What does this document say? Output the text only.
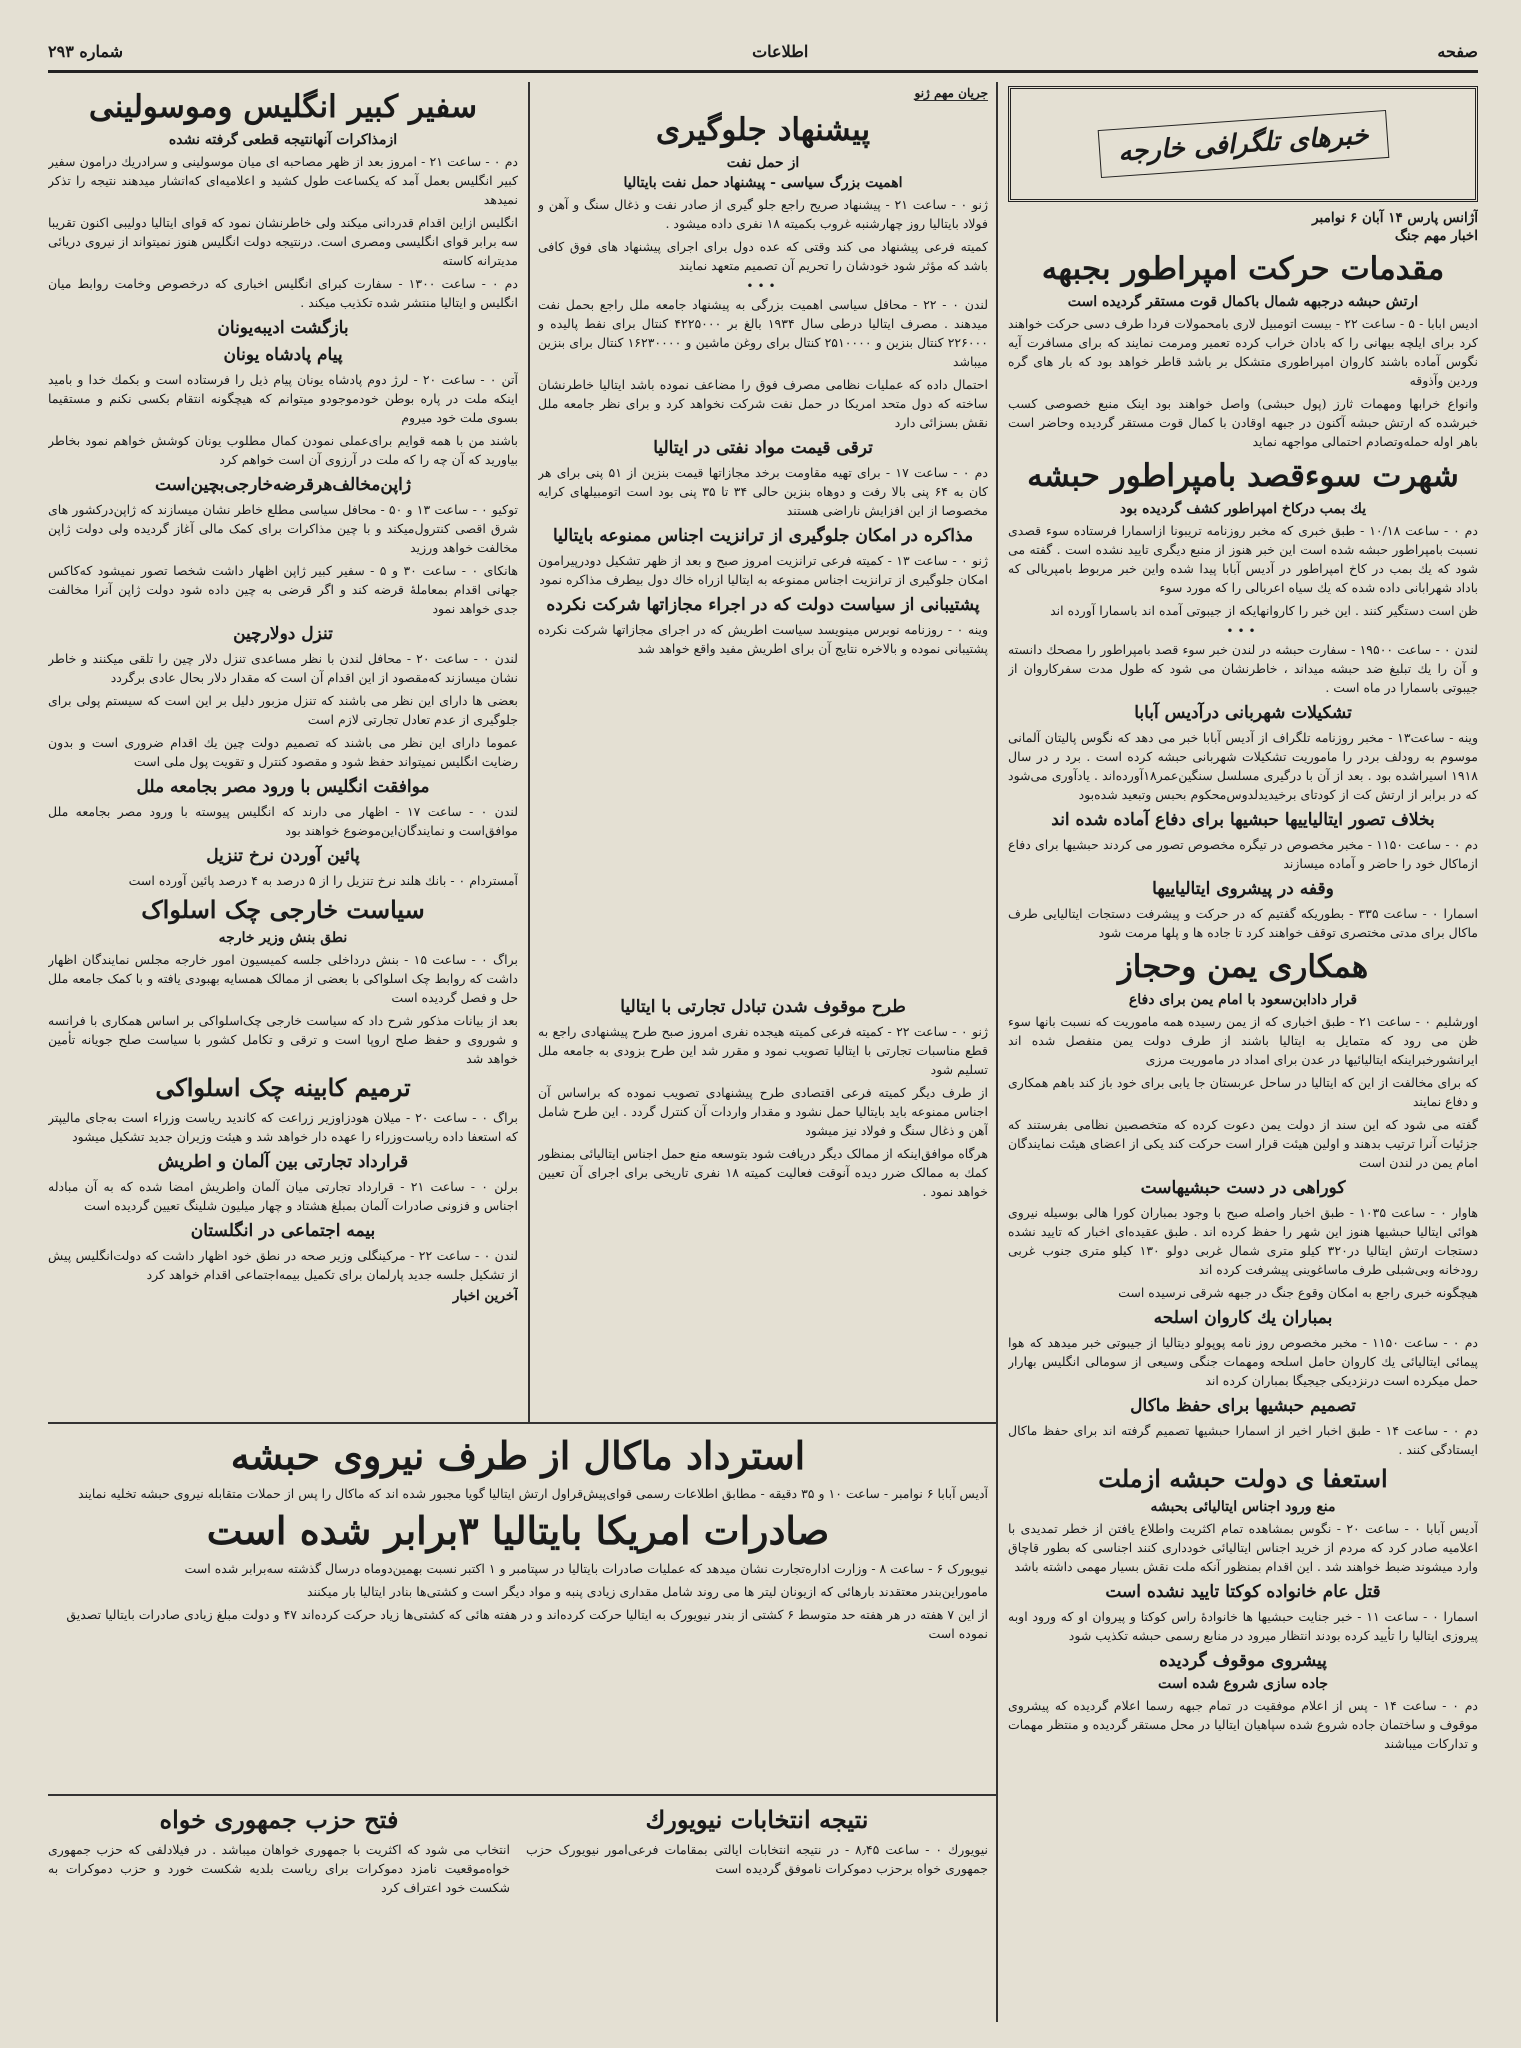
صفحه
اطلاعات
شماره ۲۹۳
خبرهای تلگرافی خارجه
آژانس پارس ۱۴ آبان ۶ نوامبر
اخبار مهم جنگ
مقدمات حرکت امپراطور بجبهه
ارتش حبشه درجبهه شمال باکمال قوت مستقر گردیده است

ادیس ابابا - ۵ - ساعت ۲۲ - بیست اتومبیل لاری بامحمولات فردا طرف دسی حرکت خواهند کرد برای ایلچه بیهانی را که بادان خراب کرده تعمیر ومرمت نمایند که برای مسافرت آیه نگوس آماده باشند کاروان امپراطوری متشکل بر باشد قاطر خواهد بود که بار های گره وردین وآذوقه

وانواع خرابها ومهمات ثارز (پول حبشی) واصل خواهند بود اینک منبع خصوصی کسب خبرشده که ارتش حبشه آکنون در جبهه اوقادن با کمال قوت مستقر گردیده وحاضر است باهر اوله حمله‌وتصادم احتمالی مواجهه نماید

شهرت سوءقصد بامپراطور حبشه
یك بمب درکاخ امپراطور کشف گردیده بود

دم ۰ - ساعت ۱۰/۱۸ - طبق خبری که مخبر روزنامه تریبونا ازاسمارا فرستاده سوء قصدی نسبت بامپراطور حبشه شده است این خبر هنوز از منبع دیگری تایید نشده است . گفته می شود که یك بمب در کاخ امپراطور در آدیس آبابا پیدا شده واین خبر مربوط بامپریالی که باداد شهرابانی داده شده که یك سیاه اعربالی را که مورد سوء

ظن است دستگیر کنند . این خبر را کاروانهایکه از جیبوتی آمده اند باسمارا آورده اند

•••

لندن ۰ - ساعت ۱۹۵۰۰ - سفارت حبشه در لندن خبر سوء قصد بامپراطور را مصحك دانسته و آن را یك تبلیغ ضد حبشه میداند ، خاطرنشان می شود که طول مدت سفرکاروان از جیبوتی باسمارا در ماه است .

تشکیلات شهربانی درآدیس آبابا

وینه - ساعت۱۳ - مخبر روزنامه تلگراف از آدیس آبابا خبر می دهد که نگوس پالیتان آلمانی موسوم به رودلف بردر را ماموریت تشکیلات شهربانی حبشه کرده است . برد ر در سال ۱۹۱۸ اسیراشده بود . بعد از آن با درگیری مسلسل سنگین‌عمر۱۸آورده‌اند . یادآوری می‌شود که در برابر از ارتش کت از کودتای برخیدیدلدوس‌محکوم بحبس وتبعید شده‌بود

بخلاف تصور ایتالیاییها حبشیها برای دفاع آماده شده اند

دم ۰ - ساعت ۱۱۵۰ - مخبر مخصوص در تیگره مخصوص تصور می کردند حبشیها برای دفاع ازماکال خود را حاضر و آماده میسازند

وقفه در پیشروی ایتالیاییها

اسمارا ۰ - ساعت ۳۳۵ - بطوریکه گفتیم که در حرکت و پیشرفت دستجات ایتالیایی طرف ماکال برای مدتی مختصری توقف خواهند کرد تا جاده ها و پلها مرمت شود

همکاری یمن وحجاز
قرار دادابن‌سعود با امام یمن برای دفاع

اورشلیم ۰ - ساعت ۲۱ - طبق اخباری که از یمن رسیده همه ماموریت که نسبت بانها سوء ظن می رود که متمایل به ایتالیا باشند از طرف دولت یمن منفصل شده اند ایرانشورخبراینکه ایتالیائیها در عدن برای امداد در ماموریت مرزی

که برای مخالفت از این که ایتالیا در ساحل عربستان جا یابی برای خود باز کند باهم همکاری و دفاع نمایند

گفته می شود که این سند از دولت یمن دعوت کرده که متخصصین نظامی بفرستند که جزئیات آنرا ترتیب بدهند و اولین هیئت قرار است حرکت کند یکی از اعضای هیئت نمایندگان امام یمن در لندن است

کوراهی در دست حبشیهاست

هاوار ۰ - ساعت ۱۰۳۵ - طبق اخبار واصله صبح با وجود بمباران کورا هالی بوسیله نیروی هوائی ایتالیا حبشیها هنوز این شهر را حفظ کرده اند . طبق عقیده‌ای اخبار که تایید نشده دستجات ارتش ایتالیا در۳۲۰ کیلو متری شمال غربی دولو ۱۳۰ کیلو متری جنوب غربی رودخانه وبی‌شبلی طرف ماساغوینی پیشرفت کرده اند

هیچگونه خبری راجع به امکان وقوع جنگ در جبهه شرقی نرسیده است

بمباران یك کاروان اسلحه

دم ۰ - ساعت ۱۱۵۰ - مخبر مخصوص روز نامه پوپولو دیتالیا از جیبوتی خبر میدهد که هوا پیمائی ایتالیائی یك کاروان حامل اسلحه ومهمات جنگی وسیعی از سومالی انگلیس بهارار حمل میکرده است درنزدیکی جیجیگا بمباران کرده اند

تصمیم حبشیها برای حفظ ماکال

دم ۰ - ساعت ۱۴ - طبق اخبار اخیر از اسمارا حبشیها تصمیم گرفته اند برای حفظ ماکال ایستادگی کنند .

استعفا ی دولت حبشه ازملت
منع ورود اجناس ایتالیائی بحبشه

آدیس آبابا ۰ - ساعت ۲۰ - نگوس بمشاهده تمام اکثریت واطلاع یافتن از خطر تمدیدی با اعلامیه صادر کرد که مردم از خرید اجناس ایتالیائی خودداری کنند اجناسی که بطور قاچاق وارد میشوند ضبط خواهند شد . این اقدام بمنظور آنکه ملت نقش بسیار مهمی داشته باشد

قتل عام خانواده کوکتا تایید نشده است

اسمارا ۰ - ساعت ۱۱ - خبر جنایت حبشیها ها خانوادهٔ راس کوکتا و پیروان او که ورود اوبه پیروزی ایتالیا را تأیید کرده بودند انتظار میرود در منابع رسمی حبشه تکذیب شود

پیشروی موقوف گردیده
جاده سازی شروع شده است

دم ۰ - ساعت ۱۴ - پس از اعلام موفقیت در تمام جبهه رسما اعلام گردیده که پیشروی موقوف و ساختمان جاده شروع شده سپاهیان ایتالیا در محل مستقر گردیده و منتظر مهمات و تدارکات میباشند

جریان مهم ژنو
پیشنهاد جلوگیری
از حمل نفت
اهمیت بزرگ سیاسی - پیشنهاد حمل نفت بایتالیا

ژنو ۰ - ساعت ۲۱ - پیشنهاد صریح راجع جلو گیری از صادر نفت و ذغال سنگ و آهن و فولاد بایتالیا روز چهارشنبه غروب بکمیته ۱۸ نفری داده میشود .

کمیته فرعی پیشنهاد می کند وقتی که عده دول برای اجرای پیشنهاد های فوق کافی باشد که مؤثر شود خودشان را تحریم آن تصمیم متعهد نمایند

•••

لندن ۰ - ۲۲ - محافل سیاسی اهمیت بزرگی به پیشنهاد جامعه ملل راجع بحمل نفت میدهند . مصرف ایتالیا درطی سال ۱۹۳۴ بالغ بر ۴۲۲۵۰۰۰ کنتال برای نفط پالیده و ۲۲۶۰۰۰ کنتال بنزین و ۲۵۱۰۰۰۰ کنتال برای روغن ماشین و ۱۶۲۳۰۰۰۰ کنتال برای بنزین میباشد

احتمال داده که عملیات نظامی مصرف فوق را مضاعف نموده باشد ایتالیا خاطرنشان ساخته که دول متحد امریکا در حمل نفت شرکت نخواهد کرد و برای نظر جامعه ملل نقش بسزائی دارد

ترقی قیمت مواد نفتی در ایتالیا

دم ۰ - ساعت ۱۷ - برای تهیه مقاومت برخد مجازاتها قیمت بنزین از ۵۱ پنی برای هر کان به ۶۴ پنی بالا رفت و دوهاه بنزین حالی ۳۴ تا ۳۵ پنی بود است اتومبیلهای کرایه مخصوصا از این افزایش ناراضی هستند

مذاکره در امکان جلوگیری از ترانزیت اجناس ممنوعه بایتالیا

ژنو ۰ - ساعت ۱۳ - کمیته فرعی ترانزیت امروز صبح و بعد از ظهر تشکیل دودرپیرامون امکان جلوگیری از ترانزیت اجناس ممنوعه به ایتالیا ازراه خاك دول بیطرف مذاکره نمود

پشتیبانی از سیاست دولت که در اجراء مجازاتها شرکت نکرده

وینه ۰ - روزنامه نوبرس مینویسد سیاست اطریش که در اجرای مجازاتها شرکت نکرده پشتیبانی نموده و بالاخره نتایج آن برای اطریش مفید واقع خواهد شد

طرح موقوف شدن تبادل تجارتی با ایتالیا

ژنو ۰ - ساعت ۲۲ - کمیته فرعی کمیته هیجده نفری امروز صبح طرح پیشنهادی راجع به قطع مناسبات تجارتی با ایتالیا تصویب نمود و مقرر شد این طرح بزودی به جامعه ملل تسلیم شود

از طرف دیگر کمیته فرعی اقتصادی طرح پیشنهادی تصویب نموده که براساس آن اجناس ممنوعه باید بایتالیا حمل نشود و مقدار واردات آن کنترل گردد . این طرح شامل آهن و ذغال سنگ و فولاد نیز میشود

هرگاه موافق‌اینکه از ممالک دیگر دریافت شود بتوسعه منع حمل اجناس ایتالیائی بمنظور کمك به ممالک ضرر دیده آنوقت فعالیت کمیته ۱۸ نفری تاریخی برای اجرای آن تعیین خواهد نمود .

سفیر کبیر انگلیس وموسولینی
ازمذاکرات آنهانتیجه قطعی گرفته نشده

دم ۰ - ساعت ۲۱ - امروز بعد از ظهر مصاحبه ای میان موسولینی و سرادریك درامون سفیر کبیر انگلیس بعمل آمد که یکساعت طول کشید و اعلامیه‌ای که‌اتشار میدهند نتیجه را تذکر نمیدهد

انگلیس ازاین اقدام قدردانی میکند ولی خاطرنشان نمود که قوای ایتالیا دولیبی اکنون تقریبا سه برابر قوای انگلیسی ومصری است. درنتیجه دولت انگلیس هنوز نمیتواند از نیروی دریائی مدیترانه کاسته

دم ۰ - ساعت ۱۳۰۰ - سفارت کبرای انگلیس اخباری که درخصوص وخامت روابط میان انگلیس و ایتالیا منتشر شده تکذیب میکند .

بازگشت ادیبه‌یونان
پیام پادشاه یونان

آتن ۰ - ساعت ۲۰ - لرژ دوم پادشاه یونان پیام ذیل را فرستاده است و بکمك خدا و بامید اینکه ملت در پاره بوطن خودموجودو میتوانم که هیچگونه انتقام بکسی نکنم و مستقیما بسوی ملت خود میروم

باشند من با همه قوایم برای‌عملی نمودن کمال مطلوب یونان کوشش خواهم نمود بخاطر بیاورید که آن چه را که ملت در آرزوی آن است خواهم کرد

ژاپن‌مخالف‌هرقرضه‌خارجی‌بچین‌است

توکیو ۰ - ساعت ۱۳ و ۵۰ - محافل سیاسی مطلع خاطر نشان میسازند که ژاپن‌درکشور های شرق اقصی کنترول‌میکند و با چین مذاکرات برای کمک مالی آغاز گردیده ولی دولت ژاپن مخالفت خواهد ورزید

هانکای ۰ - ساعت ۳۰ و ۵ - سفیر کبیر ژاپن اظهار داشت شخصا تصور نمیشود که‌کاکس جهانی اقدام بمعاملهٔ قرضه کند و اگر قرضی به چین داده شود دولت ژاپن آنرا مخالفت جدی خواهد نمود

تنزل دولارچین

لندن ۰ - ساعت ۲۰ - محافل لندن با نظر مساعدی تنزل دلار چین را تلقی میکنند و خاطر نشان میسازند که‌مقصود از این اقدام آن است که مقدار دلار بحال عادی برگردد

بعضی ها دارای این نظر می باشند که تنزل مزبور دلیل بر این است که سیستم پولی برای جلوگیری از عدم تعادل تجارتی لازم است

عموما دارای این نظر می باشند که تصمیم دولت چین یك اقدام ضروری است و بدون رضایت انگلیس نمیتواند حفظ شود و مقصود کنترل و تقویت پول ملی است

موافقت انگلیس با ورود مصر بجامعه ملل

لندن ۰ - ساعت ۱۷ - اظهار می دارند که انگلیس پیوسته با ورود مصر بجامعه ملل موافق‌است و نمایندگان‌این‌موضوع خواهند بود

پائین آوردن نرخ تنزیل

آمستردام ۰ - بانك هلند نرخ تنزیل را از ۵ درصد به ۴ درصد پائین آورده است

سیاست خارجی چک اسلواک
نطق بنش وزیر خارجه

براگ ۰ - ساعت ۱۵ - بنش درداخلی جلسه کمیسیون امور خارجه مجلس نمایندگان اظهار داشت که روابط چک اسلواکی با بعضی از ممالک همسایه بهبودی یافته و با کمک جامعه ملل حل و فصل گردیده است

بعد از بیانات مذکور شرح داد که سیاست خارجی چک‌اسلواکی بر اساس همکاری با فرانسه و شوروی و حفظ صلح اروپا است و ترقی و تکامل کشور با سیاست صلح جویانه تأمین خواهد شد

ترمیم کابینه چک اسلواکی

براگ ۰ - ساعت ۲۰ - میلان هودزا‌وزیر زراعت که کاندید ریاست وزراء است به‌جای مالیپتر که استعفا داده ریاست‌وزراء را عهده دار خواهد شد و هیئت وزیران جدید تشکیل میشود

قرارداد تجارتی بین آلمان و اطریش

برلن ۰ - ساعت ۲۱ - قرارداد تجارتی میان آلمان واطریش امضا شده که به آن مبادله اجناس و فزونی صادرات آلمان بمبلغ هشتاد و چهار میلیون شلینگ تعیین گردیده است

بیمه اجتماعی در انگلستان

لندن ۰ - ساعت ۲۲ - مرکینگلی وزیر صحه در نطق خود اظهار داشت که دولت‌انگلیس پیش از تشکیل جلسه جدید پارلمان برای تکمیل بیمه‌اجتماعی اقدام خواهد کرد

آخرین اخبار
استرداد ماکال از طرف نیروی حبشه

آدیس آبابا ۶ نوامبر - ساعت ۱۰ و ۳۵ دقیقه - مطابق اطلاعات رسمی قوای‌پیش‌قراول ارتش ایتالیا گویا مجبور شده اند که ماکال را پس از حملات متقابله نیروی حبشه تخلیه نمایند

صادرات امریکا بایتالیا ۳برابر شده است

نیویورک ۶ - ساعت ۸ - وزارت اداره‌تجارت نشان میدهد که عملیات صادرات بایتالیا در سپتامبر و ۱ اکتبر نسبت بهمین‌دوماه درسال گذشته سه‌برابر شده است

ماموراین‌بندر معتقدند بارهائی که ازیونان لیتر ها می روند شامل مقداری زیادی پنبه و مواد دیگر است و کشتی‌ها بنادر ایتالیا بار میکنند

از این ۷ هفته در هر هفته حد متوسط ۶ کشتی از بندر نیویورک به ایتالیا حرکت کرده‌اند و در هفته هائی که کشتی‌ها زیاد حرکت کرده‌اند ۴۷ و دولت مبلغ زیادی صادرات بایتالیا تصدیق نموده است

نتیجه انتخابات نیویورك

نیویورك ۰ - ساعت ۸٫۴۵ - در نتیجه انتخابات ایالتی بمقامات فرعی‌امور نیویورک حزب جمهوری خواه برحزب دموکرات ناموفق گردیده است

فتح حزب جمهوری خواه

انتخاب می شود که اکثریت با جمهوری خواهان میباشد . در فیلادلفی که حزب جمهوری خواه‌موقعیت نامزد دموکرات برای ریاست بلدیه شکست خورد و حزب دموکرات به شکست خود اعتراف کرد
